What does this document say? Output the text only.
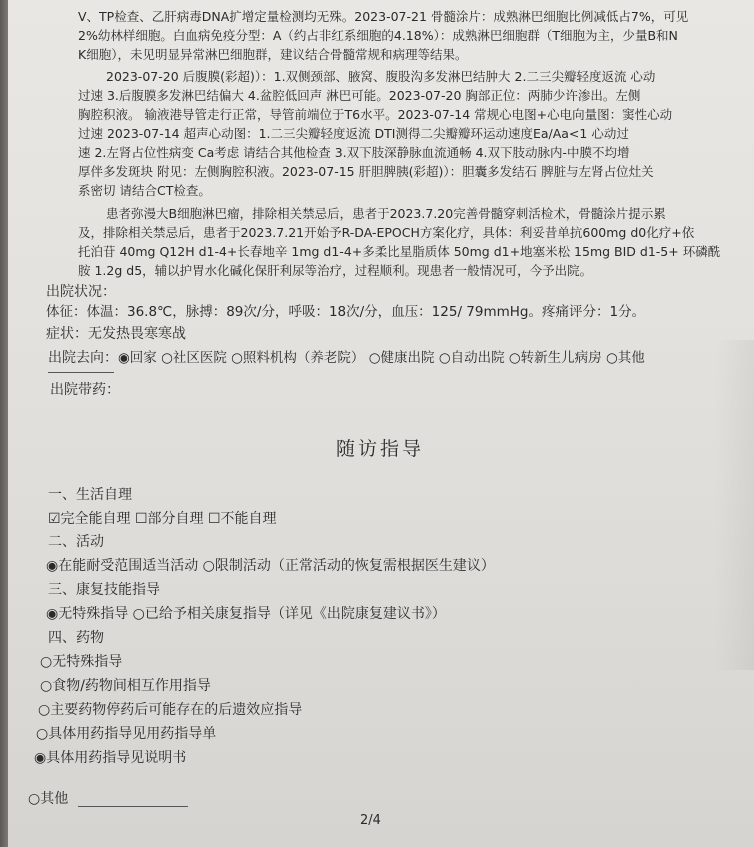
V、TP检查、乙肝病毒DNA扩增定量检测均无殊。2023-07-21 骨髓涂片：成熟淋巴细胞比例减低占7%，可见
2%幼林样细胞。白血病免疫分型：A（约占非红系细胞的4.18%）：成熟淋巴细胞群（T细胞为主，少量B和N
K细胞），未见明显异常淋巴细胞群，建议结合骨髓常规和病理等结果。
2023-07-20 后腹膜(彩超)）：1.双侧颈部、腋窝、腹股沟多发淋巴结肿大 2.二三尖瓣轻度返流 心动
过速 3.后腹膜多发淋巴结偏大 4.盆腔低回声 淋巴可能。2023-07-20 胸部正位：两肺少许渗出。左侧
胸腔积液。 输液港导管走行正常，导管前端位于T6水平。2023-07-14 常规心电图+心电向量图：窦性心动
过速 2023-07-14 超声心动图：1.二三尖瓣轻度返流 DTI测得二尖瓣瓣环运动速度Ea/Aa<1 心动过
速 2.左肾占位性病变 Ca考虑 请结合其他检查 3.双下肢深静脉血流通畅 4.双下肢动脉内-中膜不均增
厚伴多发斑块 附见：左侧胸腔积液。2023-07-15 肝胆脾胰(彩超)）：胆囊多发结石 脾脏与左肾占位灶关
系密切 请结合CT检查。
患者弥漫大B细胞淋巴瘤，排除相关禁忌后，患者于2023.7.20完善骨髓穿刺活检术，骨髓涂片提示累
及，排除相关禁忌后，患者于2023.7.21开始予R-DA-EPOCH方案化疗，具体：利妥昔单抗600mg d0化疗+依
托泊苷 40mg Q12H d1-4+长春地辛 1mg d1-4+多柔比星脂质体 50mg d1+地塞米松 15mg BID d1-5+ 环磷酰
胺 1.2g d5，辅以护胃水化碱化保肝利尿等治疗，过程顺利。现患者一般情况可，今予出院。
出院状况：
体征：体温：36.8℃，脉搏：89次/分，呼吸：18次/分，血压：125/ 79mmHg。疼痛评分：1分。
症状：无发热畏寒寒战
出院去向： ◉回家 ○社区医院 ○照料机构（养老院） ○健康出院 ○自动出院 ○转新生儿病房 ○其他
出院带药：
随访指导
一、生活自理
☑完全能自理 ☐部分自理 ☐不能自理
二、活动
◉在能耐受范围适当活动 ○限制活动（正常活动的恢复需根据医生建议）
三、康复技能指导
◉无特殊指导 ○已给予相关康复指导（详见《出院康复建议书》）
四、药物
○无特殊指导
○食物/药物间相互作用指导
○主要药物停药后可能存在的后遗效应指导
○具体用药指导见用药指导单
◉具体用药指导见说明书
○其他
2/4
